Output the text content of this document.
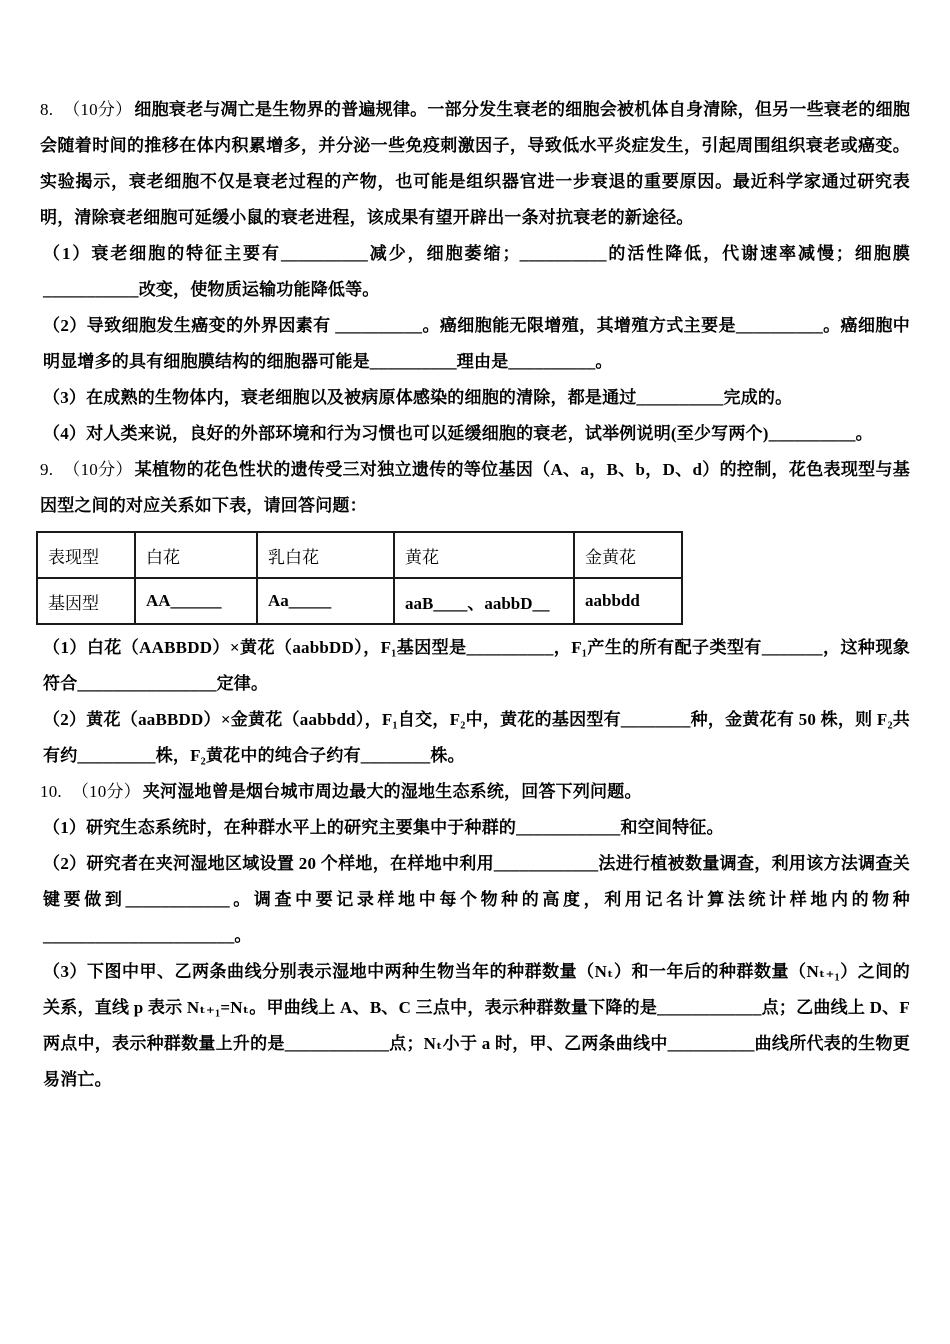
8. （10分） 细胞衰老与凋亡是生物界的普遍规律。一部分发生衰老的细胞会被机体自身清除，但另一些衰老的细胞会随着时间的推移在体内积累增多，并分泌一些免疫刺激因子，导致低水平炎症发生，引起周围组织衰老或癌变。实验揭示，衰老细胞不仅是衰老过程的产物，也可能是组织器官进一步衰退的重要原因。最近科学家通过研究表明，清除衰老细胞可延缓小鼠的衰老进程，该成果有望开辟出一条对抗衰老的新途径。

（1）衰老细胞的特征主要有__________减少，细胞萎缩；__________的活性降低，代谢速率减慢；细胞膜___________改变，使物质运输功能降低等。

（2）导致细胞发生癌变的外界因素有 __________。癌细胞能无限增殖，其增殖方式主要是__________。癌细胞中明显增多的具有细胞膜结构的细胞器可能是__________理由是__________。

（3）在成熟的生物体内，衰老细胞以及被病原体感染的细胞的清除，都是通过__________完成的。

（4）对人类来说，良好的外部环境和行为习惯也可以延缓细胞的衰老，试举例说明(至少写两个)__________。

9. （10分） 某植物的花色性状的遗传受三对独立遗传的等位基因（A、a，B、b，D、d）的控制，花色表现型与基因型之间的对应关系如下表，请回答问题：

表现型	白花	乳白花	黄花	金黄花
基因型	AA______	Aa_____	aaB____、aabbD__	aabbdd

（1）白花（AABBDD）×黄花（aabbDD），F₁基因型是__________，F₁产生的所有配子类型有_______，这种现象符合________________定律。

（2）黄花（aaBBDD）×金黄花（aabbdd），F₁自交，F₂中，黄花的基因型有________种，金黄花有 50 株，则 F₂共有约_________株，F₂黄花中的纯合子约有________株。

10. （10分） 夹河湿地曾是烟台城市周边最大的湿地生态系统，回答下列问题。

（1）研究生态系统时，在种群水平上的研究主要集中于种群的____________和空间特征。

（2）研究者在夹河湿地区域设置 20 个样地，在样地中利用____________法进行植被数量调查，利用该方法调查关键要做到____________。调查中要记录样地中每个物种的高度，利用记名计算法统计样地内的物种______________________。

（3）下图中甲、乙两条曲线分别表示湿地中两种生物当年的种群数量（Nₜ）和一年后的种群数量（Nₜ₊₁）之间的关系，直线 p 表示 Nₜ₊₁=Nₜ。甲曲线上 A、B、C 三点中，表示种群数量下降的是____________点；乙曲线上 D、F 两点中，表示种群数量上升的是____________点；Nₜ小于 a 时，甲、乙两条曲线中__________曲线所代表的生物更易消亡。
